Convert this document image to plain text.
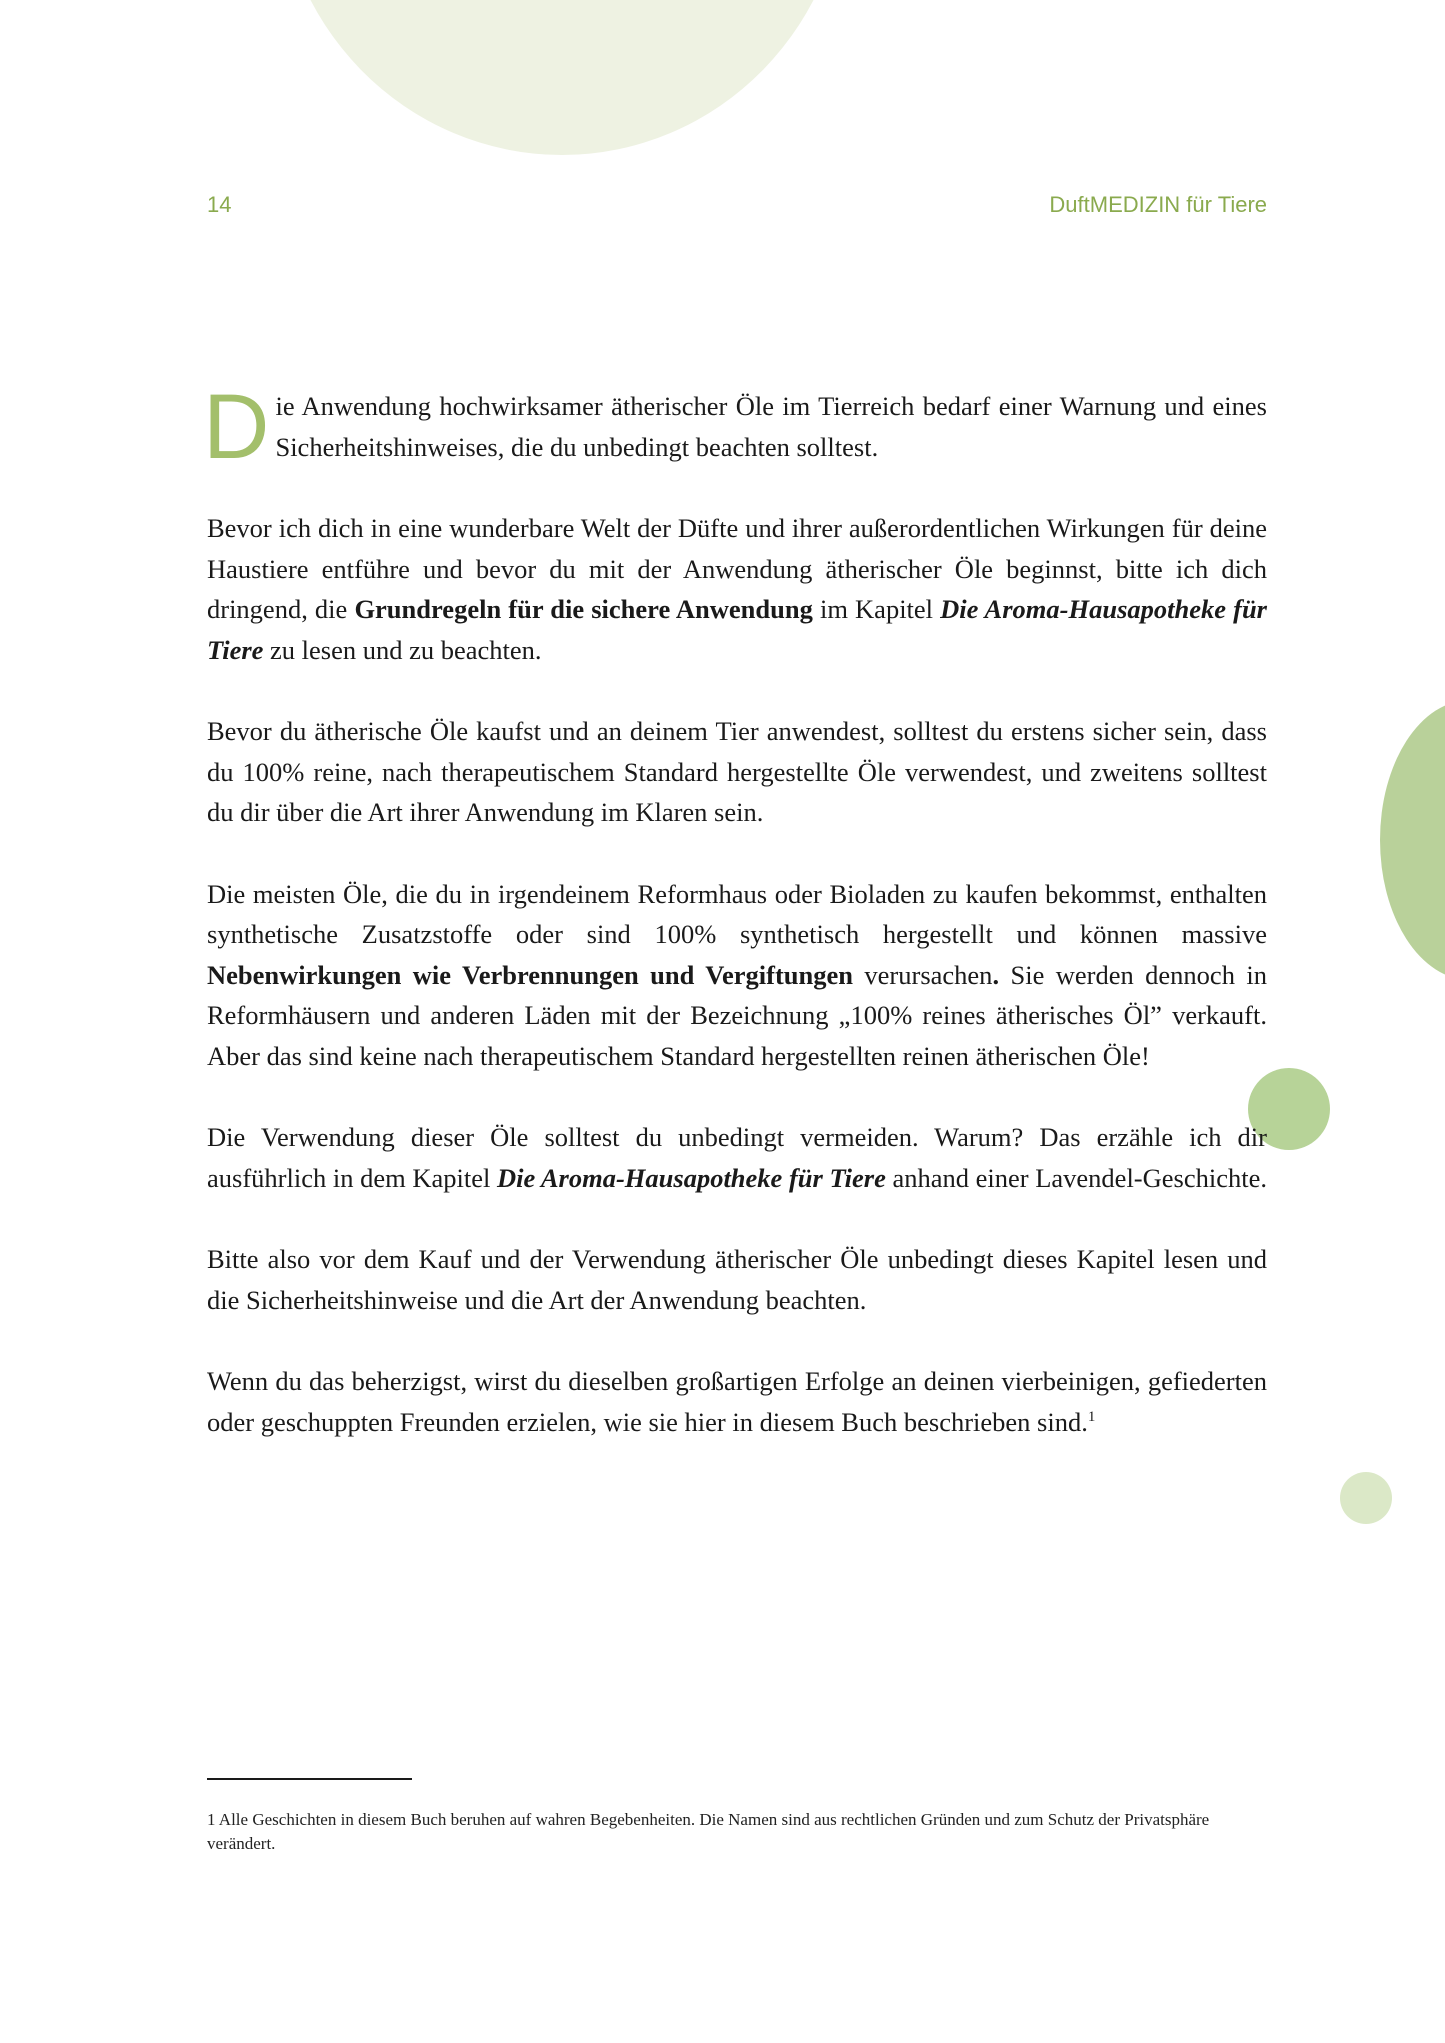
14	DuftMEDIZIN für Tiere

Die Anwendung hochwirksamer ätherischer Öle im Tierreich bedarf einer Warnung und eines Sicherheitshinweises, die du unbedingt beachten solltest.

Bevor ich dich in eine wunderbare Welt der Düfte und ihrer außerordentlichen Wirkungen für deine Haustiere entführe und bevor du mit der Anwendung ätherischer Öle beginnst, bitte ich dich dringend, die Grundregeln für die sichere Anwendung im Kapitel Die Aroma-Hausapotheke für Tiere zu lesen und zu beachten.

Bevor du ätherische Öle kaufst und an deinem Tier anwendest, solltest du erstens sicher sein, dass du 100% reine, nach therapeutischem Standard hergestellte Öle verwendest, und zweitens solltest du dir über die Art ihrer Anwendung im Klaren sein.

Die meisten Öle, die du in irgendeinem Reformhaus oder Bioladen zu kaufen bekommst, enthalten synthetische Zusatzstoffe oder sind 100% synthetisch hergestellt und können massive Nebenwirkungen wie Verbrennungen und Vergiftungen verursachen. Sie werden dennoch in Reformhäusern und anderen Läden mit der Bezeichnung „100% reines ätherisches Öl” verkauft. Aber das sind keine nach therapeutischem Standard hergestellten reinen ätherischen Öle!

Die Verwendung dieser Öle solltest du unbedingt vermeiden. Warum? Das erzähle ich dir ausführlich in dem Kapitel Die Aroma-Hausapotheke für Tiere anhand einer Lavendel-Geschichte.

Bitte also vor dem Kauf und der Verwendung ätherischer Öle unbedingt dieses Kapitel lesen und die Sicherheitshinweise und die Art der Anwendung beachten.

Wenn du das beherzigst, wirst du dieselben großartigen Erfolge an deinen vierbeinigen, gefiederten oder geschuppten Freunden erzielen, wie sie hier in diesem Buch beschrieben sind.$^1$

1 Alle Geschichten in diesem Buch beruhen auf wahren Begebenheiten. Die Namen sind aus rechtlichen Gründen und zum Schutz der Privatsphäre verändert.
